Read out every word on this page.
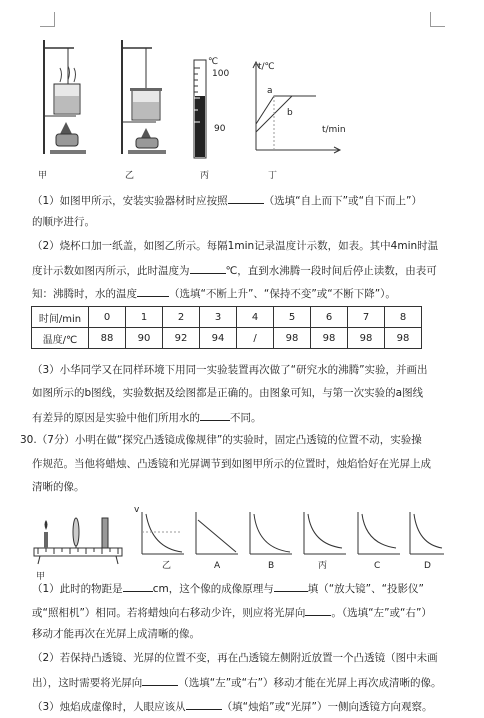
甲	乙
℃
100
90
丙
t/℃
a
b
t/min
丁
（1）如图甲所示，安装实验器材时应按照	（选填“自上而下”或“自下而上”）
的顺序进行。
（2）烧杯口加一纸盖，如图乙所示。每隔1min记录温度计示数，如表。其中4min时温
度计示数如图丙所示，此时温度为	℃，直到水沸腾一段时间后停止读数，由表可
知：沸腾时，水的温度	（选填“不断上升”、“保持不变”或“不断下降”）。
时间/min	0	1	2	3	4	5	6	7	8
温度/℃	88	90	92	94	/	98	98	98	98
（3）小华同学又在同样环境下用同一实验装置再次做了“研究水的沸腾”实验，并画出
如图所示的b图线，实验数据及绘图都是正确的。由图象可知，与第一次实验的a图线
有差异的原因是实验中他们所用水的	不同。
30.（7分）小明在做“探究凸透镜成像规律”的实验时，固定凸透镜的位置不动，实验操
作规范。当他将蜡烛、凸透镜和光屏调节到如图甲所示的位置时，烛焰恰好在光屏上成
清晰的像。
甲
v
乙	A	B	丙	C	D
（1）此时的物距是	cm，这个像的成像原理与	填（“放大镜”、“投影仪”
或“照相机”）相同。若将蜡烛向右移动少许，则应将光屏向 。（选填“左”或“右”）
移动才能再次在光屏上成清晰的像。
（2）若保持凸透镜、光屏的位置不变，再在凸透镜左侧附近放置一个凸透镜（图中未画
出），这时需要将光屏向	（选填“左”或“右”）移动才能在光屏上再次成清晰的像。
（3）烛焰成虚像时，人眼应该从	（填“烛焰”或“光屏”）一侧向透镜方向观察。
